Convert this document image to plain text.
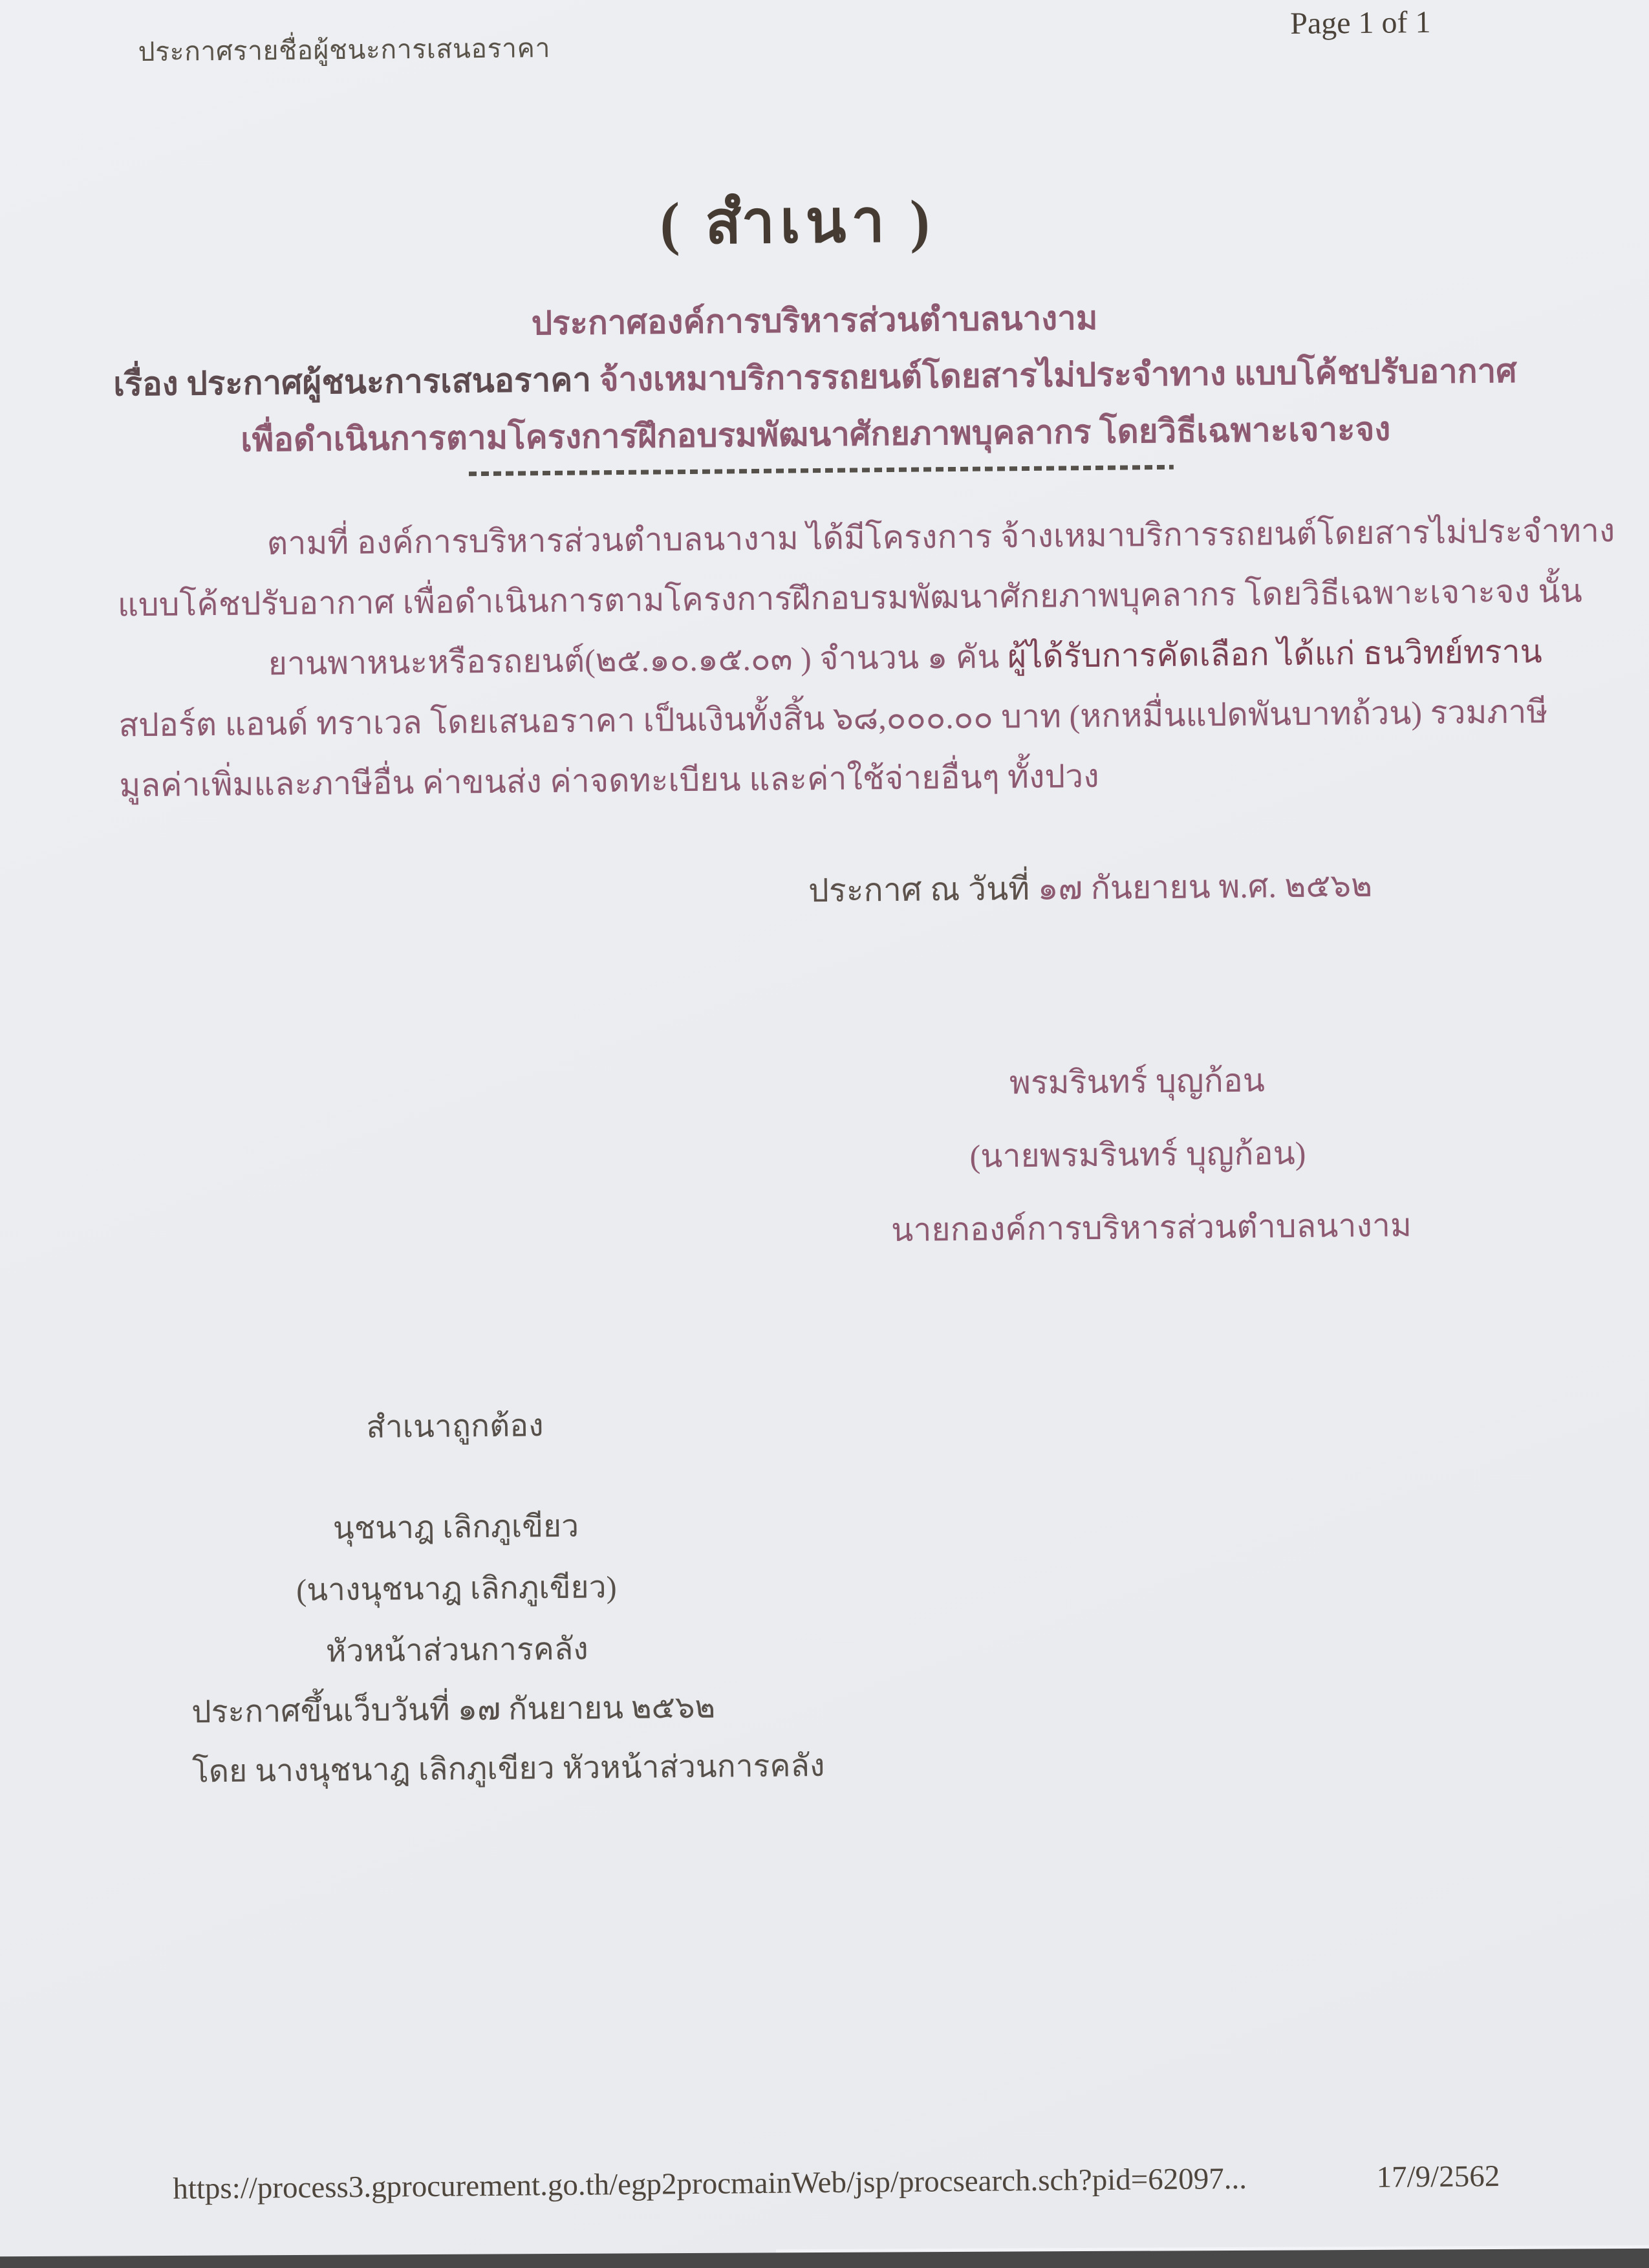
ประกาศรายชื่อผู้ชนะการเสนอราคา
Page 1 of 1
( สำเนา )
ประกาศองค์การบริหารส่วนตำบลนางาม
เรื่อง ประกาศผู้ชนะการเสนอราคา จ้างเหมาบริการรถยนต์โดยสารไม่ประจำทาง แบบโค้ชปรับอากาศ
เพื่อดำเนินการตามโครงการฝึกอบรมพัฒนาศักยภาพบุคลากร โดยวิธีเฉพาะเจาะจง
ตามที่ องค์การบริหารส่วนตำบลนางาม ได้มีโครงการ จ้างเหมาบริการรถยนต์โดยสารไม่ประจำทาง
แบบโค้ชปรับอากาศ เพื่อดำเนินการตามโครงการฝึกอบรมพัฒนาศักยภาพบุคลากร โดยวิธีเฉพาะเจาะจง นั้น
ยานพาหนะหรือรถยนต์(๒๕.๑๐.๑๕.๐๓ ) จำนวน ๑ คัน ผู้ได้รับการคัดเลือก ได้แก่ ธนวิทย์ทราน
สปอร์ต แอนด์ ทราเวล โดยเสนอราคา เป็นเงินทั้งสิ้น ๖๘,๐๐๐.๐๐ บาท (หกหมื่นแปดพันบาทถ้วน) รวมภาษี
มูลค่าเพิ่มและภาษีอื่น ค่าขนส่ง ค่าจดทะเบียน และค่าใช้จ่ายอื่นๆ ทั้งปวง
ประกาศ ณ วันที่ ๑๗ กันยายน พ.ศ. ๒๕๖๒
พรมรินทร์ บุญก้อน
(นายพรมรินทร์ บุญก้อน)
นายกองค์การบริหารส่วนตำบลนางาม
สำเนาถูกต้อง
นุชนาฎ เลิกภูเขียว
(นางนุชนาฎ เลิกภูเขียว)
หัวหน้าส่วนการคลัง
ประกาศขึ้นเว็บวันที่ ๑๗ กันยายน ๒๕๖๒
โดย นางนุชนาฎ เลิกภูเขียว หัวหน้าส่วนการคลัง
https://process3.gprocurement.go.th/egp2procmainWeb/jsp/procsearch.sch?pid=62097...	17/9/2562
